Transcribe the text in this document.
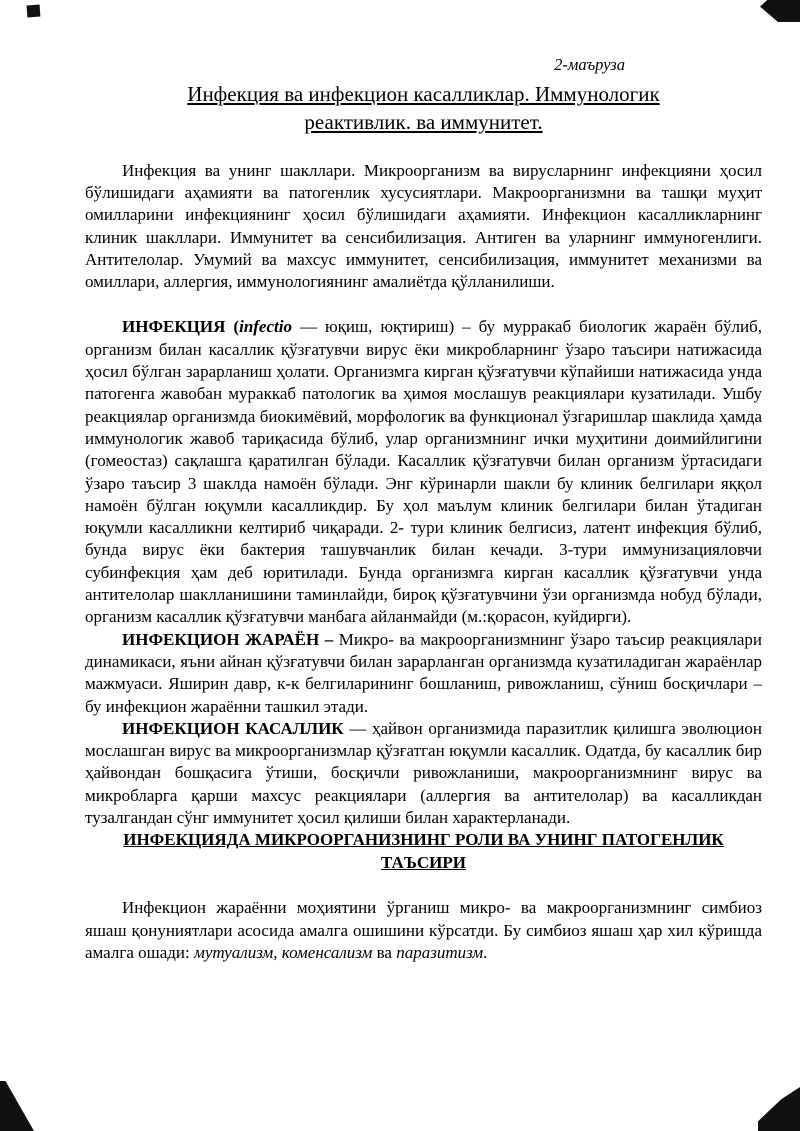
2-маъруза
Инфекция ва инфекцион касалликлар. Иммунологик реактивлик. ва иммунитет.

Инфекция ва унинг шакллари. Микроорганизм ва вирусларнинг инфекцияни ҳосил бўлишидаги аҳамияти ва патогенлик хусусиятлари. Макроорганизмни ва ташқи муҳит омилларини инфекциянинг ҳосил бўлишидаги аҳамияти. Инфекцион касалликларнинг клиник шакллари. Иммунитет ва сенсибилизация. Антиген ва уларнинг иммуногенлиги. Антителолар. Умумий ва махсус иммунитет, сенсибилизация, иммунитет механизми ва омиллари, аллергия, иммунологиянинг амалиётда қўлланилиши.

ИНФЕКЦИЯ (infectio — юқиш, юқтириш) – бу мурракаб биологик жараён бўлиб, организм билан касаллик қўзғатувчи вирус ёки микробларнинг ўзаро таъсири натижасида ҳосил бўлган зарарланиш ҳолати. Организмга кирган қўзғатувчи кўпайиши натижасида унда патогенга жавобан мураккаб патологик ва ҳимоя мослашув реакциялари кузатилади. Ушбу реакциялар организмда биокимёвий, морфологик ва функционал ўзгаришлар шаклида ҳамда иммунологик жавоб тариқасида бўлиб, улар организмнинг ички муҳитини доимийлигини (гомеостаз) сақлашга қаратилган бўлади. Касаллик қўзғатувчи билан организм ўртасидаги ўзаро таъсир 3 шаклда намоён бўлади. Энг кўринарли шакли бу клиник белгилари яққол намоён бўлган юқумли касалликдир. Бу ҳол маълум клиник белгилари билан ўтадиган юқумли касалликни келтириб чиқаради. 2- тури клиник белгисиз, латент инфекция бўлиб, бунда вирус ёки бактерия ташувчанлик билан кечади. 3-тури иммунизацияловчи субинфекция ҳам деб юритилади. Бунда организмга кирган касаллик қўзғатувчи унда антителолар шаклланишини таминлайди, бироқ қўзғатувчини ўзи организмда нобуд бўлади, организм касаллик қўзғатувчи манбага айланмайди (м.:қорасон, куйдирги).

ИНФЕКЦИОН ЖАРАЁН – Микро- ва макроорганизмнинг ўзаро таъсир реакциялари динамикаси, яъни айнан қўзғатувчи билан зарарланган организмда кузатиладиган жараёнлар мажмуаси. Яширин давр, к-к белгиларининг бошланиш, ривожланиш, сўниш босқичлари –бу инфекцион жараённи ташкил этади.

ИНФЕКЦИОН КАСАЛЛИК — ҳайвон организмида паразитлик қилишга эволюцион мослашган вирус ва микроорганизмлар қўзғатган юқумли касаллик. Одатда, бу касаллик бир ҳайвондан бошқасига ўтиши, босқичли ривожланиши, макроорганизмнинг вирус ва микробларга қарши махсус реакциялари (аллергия ва антителолар) ва касалликдан тузалгандан сўнг иммунитет ҳосил қилиши билан характерланади.

ИНФЕКЦИЯДА МИКРООРГАНИЗНИНГ РОЛИ ВА УНИНГ ПАТОГЕНЛИК ТАЪСИРИ

Инфекцион жараённи моҳиятини ўрганиш микро- ва макроорганизмнинг симбиоз яшаш қонуниятлари асосида амалга ошишини кўрсатди. Бу симбиоз яшаш ҳар хил кўришда амалга ошади: мутуализм, коменсализм ва паразитизм.
